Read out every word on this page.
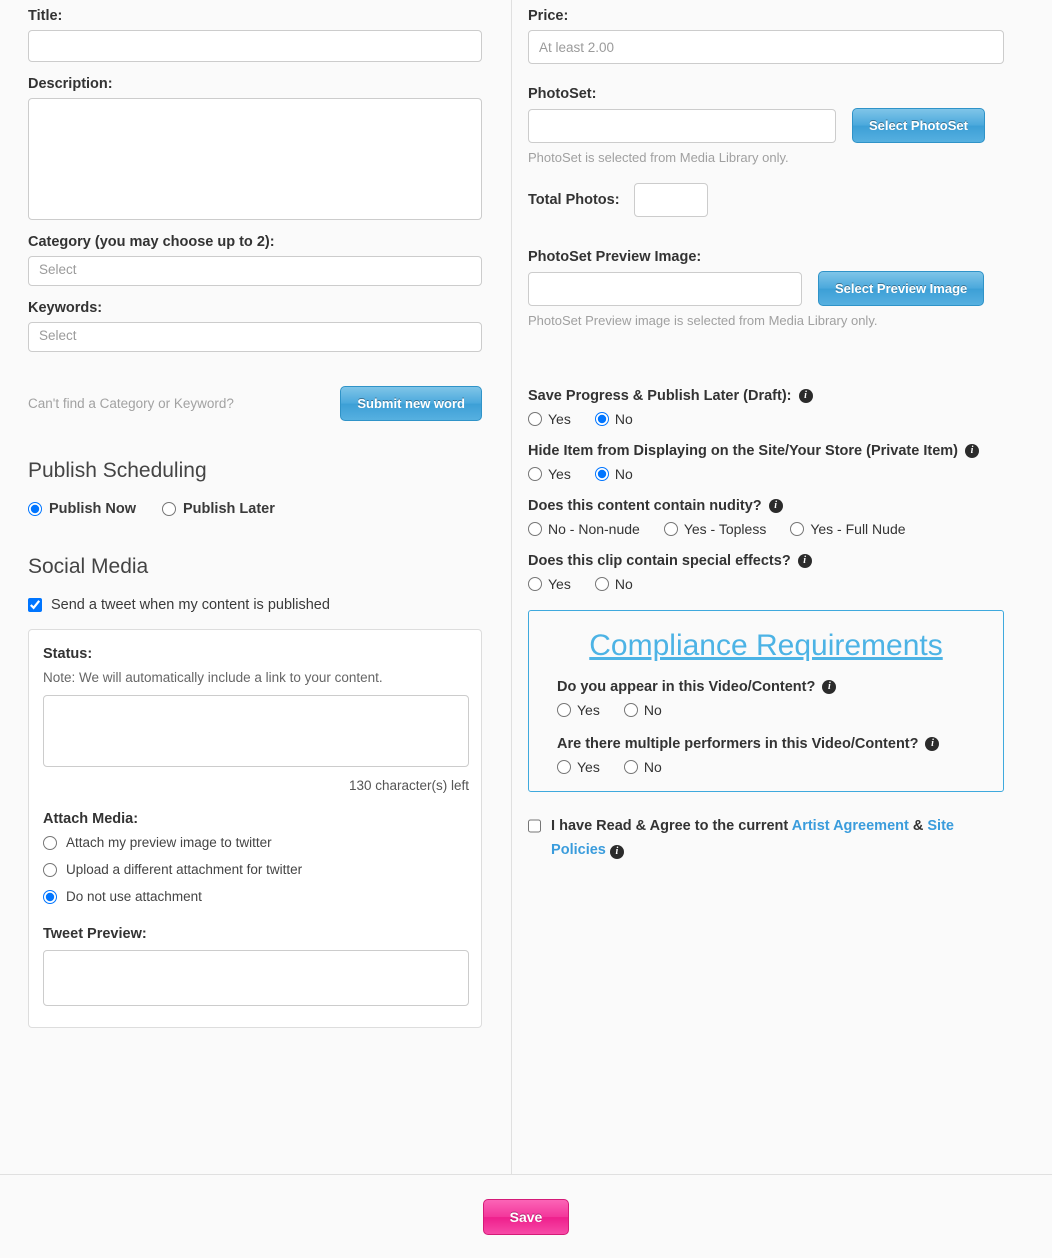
Title:
Description:
Category (you may choose up to 2):
Select
Keywords:
Select
Can't find a Category or Keyword?	Submit new word
Publish Scheduling
Publish Now	Publish Later
Social Media
Send a tweet when my content is published
Status:

Note: We will automatically include a link to your content.

130 character(s) left
Attach Media:
Attach my preview image to twitter
Upload a different attachment for twitter
Do not use attachment
Tweet Preview:
Price:
At least 2.00
PhotoSet:
Select PhotoSet

PhotoSet is selected from Media Library only.

Total Photos:
PhotoSet Preview Image:
Select Preview Image

PhotoSet Preview image is selected from Media Library only.

Save Progress & Publish Later (Draft):	i
Yes	No
Hide Item from Displaying on the Site/Your Store (Private Item)	i
Yes	No
Does this content contain nudity?	i
No - Non-nude	Yes - Topless	Yes - Full Nude
Does this clip contain special effects?	i
Yes	No
Compliance Requirements
Do you appear in this Video/Content?	i
Yes	No
Are there multiple performers in this Video/Content?	i
Yes	No
I have Read & Agree to the current Artist Agreement & Site Policies i
Save
